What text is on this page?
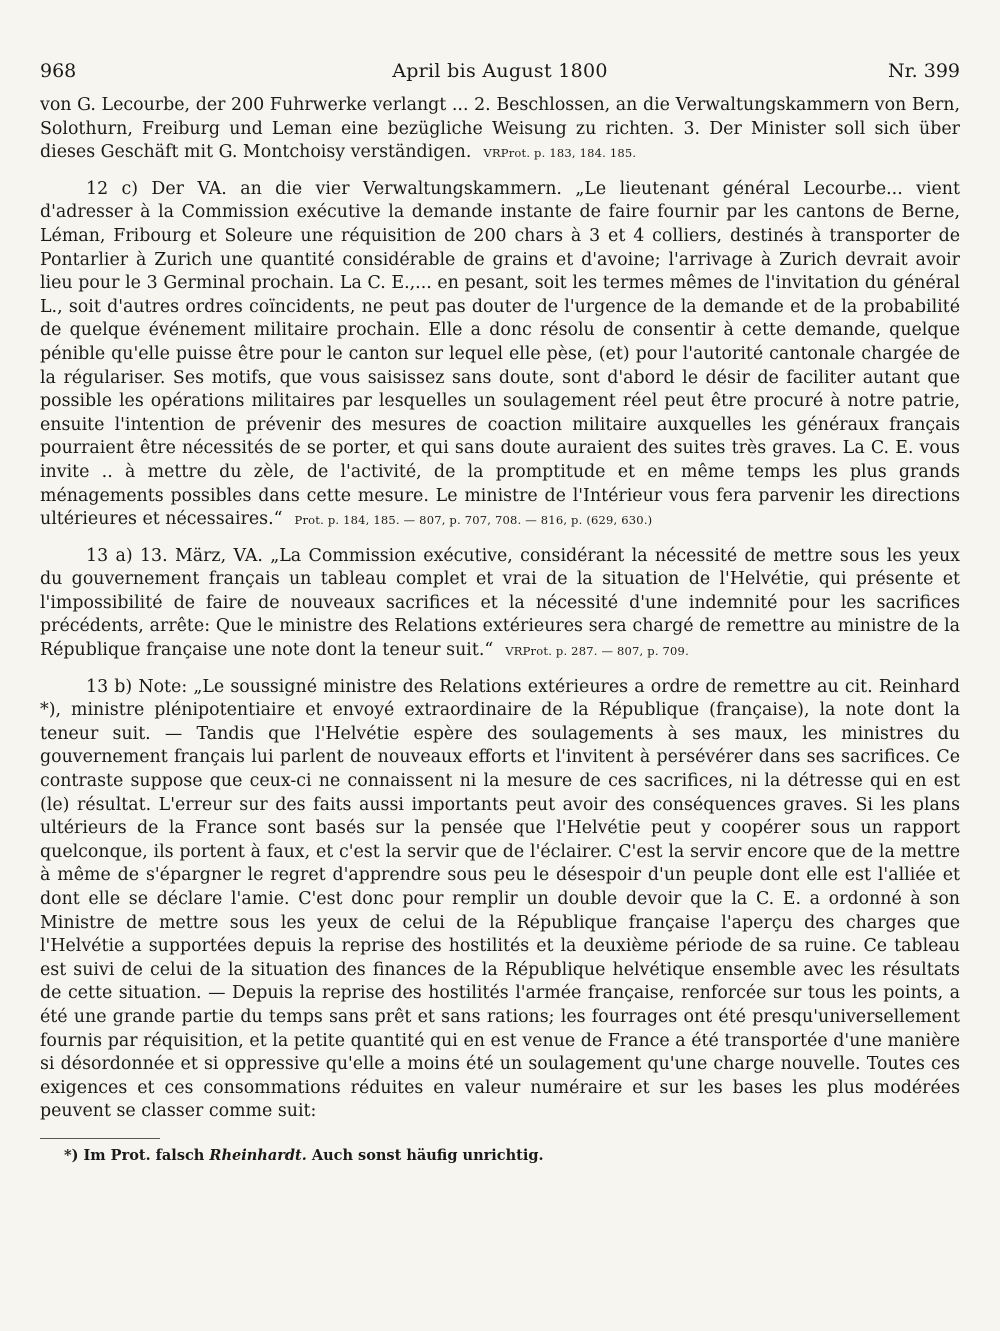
968	April bis August 1800	Nr. 399

von G. Lecourbe, der 200 Fuhrwerke verlangt ... 2. Beschlossen, an die Verwaltungskammern von Bern, Solothurn, Freiburg und Leman eine bezügliche Weisung zu richten. 3. Der Minister soll sich über dieses Geschäft mit G. Montchoisy verständigen. VRProt. p. 183, 184. 185.

12 c) Der VA. an die vier Verwaltungskammern. „Le lieutenant général Lecourbe... vient d'adresser à la Commission exécutive la demande instante de faire fournir par les cantons de Berne, Léman, Fribourg et Soleure une réquisition de 200 chars à 3 et 4 colliers, destinés à transporter de Pontarlier à Zurich une quantité considérable de grains et d'avoine; l'arrivage à Zurich devrait avoir lieu pour le 3 Germinal prochain. La C. E.,... en pesant, soit les termes mêmes de l'invitation du général L., soit d'autres ordres coïncidents, ne peut pas douter de l'urgence de la demande et de la probabilité de quelque événement militaire prochain. Elle a donc résolu de consentir à cette demande, quelque pénible qu'elle puisse être pour le canton sur lequel elle pèse, (et) pour l'autorité cantonale chargée de la régulariser. Ses motifs, que vous saisissez sans doute, sont d'abord le désir de faciliter autant que possible les opérations militaires par lesquelles un soulagement réel peut être procuré à notre patrie, ensuite l'intention de prévenir des mesures de coaction militaire auxquelles les généraux français pourraient être nécessités de se porter, et qui sans doute auraient des suites très graves. La C. E. vous invite .. à mettre du zèle, de l'activité, de la promptitude et en même temps les plus grands ménagements possibles dans cette mesure. Le ministre de l'Intérieur vous fera parvenir les directions ultérieures et nécessaires.“ Prot. p. 184, 185. — 807, p. 707, 708. — 816, p. (629, 630.)

13 a) 13. März, VA. „La Commission exécutive, considérant la nécessité de mettre sous les yeux du gouvernement français un tableau complet et vrai de la situation de l'Helvétie, qui présente et l'impossibilité de faire de nouveaux sacrifices et la nécessité d'une indemnité pour les sacrifices précédents, arrête: Que le ministre des Relations extérieures sera chargé de remettre au ministre de la République française une note dont la teneur suit.“ VRProt. p. 287. — 807, p. 709.

13 b) Note: „Le soussigné ministre des Relations extérieures a ordre de remettre au cit. Reinhard *), ministre plénipotentiaire et envoyé extraordinaire de la République (française), la note dont la teneur suit. — Tandis que l'Helvétie espère des soulagements à ses maux, les ministres du gouvernement français lui parlent de nouveaux efforts et l'invitent à persévérer dans ses sacrifices. Ce contraste suppose que ceux-ci ne connaissent ni la mesure de ces sacrifices, ni la détresse qui en est (le) résultat. L'erreur sur des faits aussi importants peut avoir des conséquences graves. Si les plans ultérieurs de la France sont basés sur la pensée que l'Helvétie peut y coopérer sous un rapport quelconque, ils portent à faux, et c'est la servir que de l'éclairer. C'est la servir encore que de la mettre à même de s'épargner le regret d'apprendre sous peu le désespoir d'un peuple dont elle est l'alliée et dont elle se déclare l'amie. C'est donc pour remplir un double devoir que la C. E. a ordonné à son Ministre de mettre sous les yeux de celui de la République française l'aperçu des charges que l'Helvétie a supportées depuis la reprise des hostilités et la deuxième période de sa ruine. Ce tableau est suivi de celui de la situation des finances de la République helvétique ensemble avec les résultats de cette situation. — Depuis la reprise des hostilités l'armée française, renforcée sur tous les points, a été une grande partie du temps sans prêt et sans rations; les fourrages ont été presqu'universellement fournis par réquisition, et la petite quantité qui en est venue de France a été transportée d'une manière si désordonnée et si oppressive qu'elle a moins été un soulagement qu'une charge nouvelle. Toutes ces exigences et ces consommations réduites en valeur numéraire et sur les bases les plus modérées peuvent se classer comme suit:

*) Im Prot. falsch Rheinhardt. Auch sonst häufig unrichtig.
